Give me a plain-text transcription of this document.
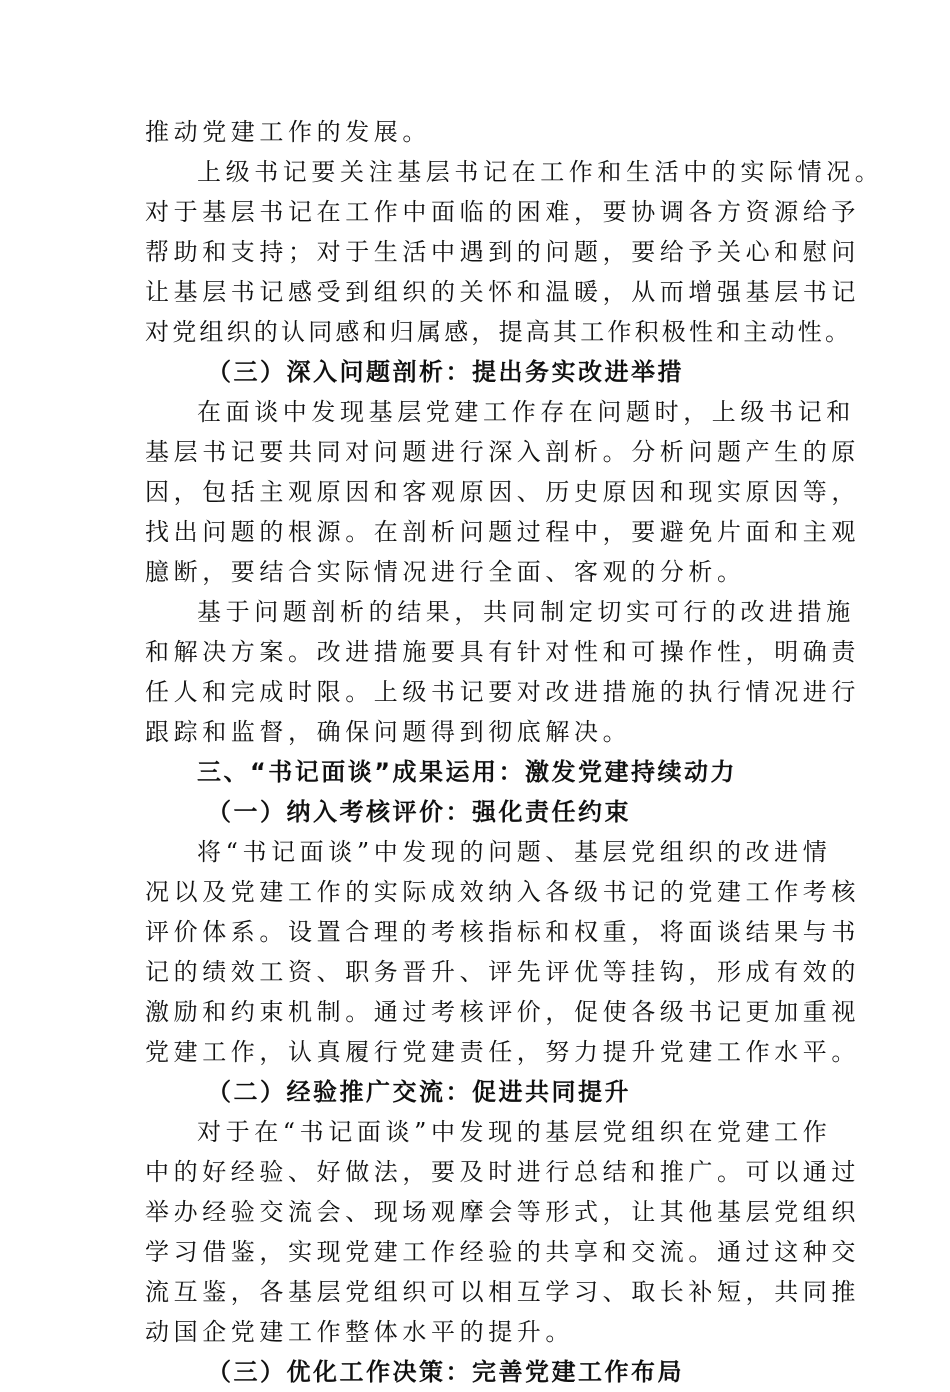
推动党建工作的发展。
上级书记要关注基层书记在工作和生活中的实际情况。
对于基层书记在工作中面临的困难，要协调各方资源给予
帮助和支持；对于生活中遇到的问题，要给予关心和慰问
让基层书记感受到组织的关怀和温暖，从而增强基层书记
对党组织的认同感和归属感，提高其工作积极性和主动性。
（三）深入问题剖析：提出务实改进举措
在面谈中发现基层党建工作存在问题时，上级书记和
基层书记要共同对问题进行深入剖析。分析问题产生的原
因，包括主观原因和客观原因、历史原因和现实原因等，
找出问题的根源。在剖析问题过程中，要避免片面和主观
臆断，要结合实际情况进行全面、客观的分析。
基于问题剖析的结果，共同制定切实可行的改进措施
和解决方案。改进措施要具有针对性和可操作性，明确责
任人和完成时限。上级书记要对改进措施的执行情况进行
跟踪和监督，确保问题得到彻底解决。
三、“书记面谈”成果运用：激发党建持续动力
（一）纳入考核评价：强化责任约束
将“书记面谈”中发现的问题、基层党组织的改进情
况以及党建工作的实际成效纳入各级书记的党建工作考核
评价体系。设置合理的考核指标和权重，将面谈结果与书
记的绩效工资、职务晋升、评先评优等挂钩，形成有效的
激励和约束机制。通过考核评价，促使各级书记更加重视
党建工作，认真履行党建责任，努力提升党建工作水平。
（二）经验推广交流：促进共同提升
对于在“书记面谈”中发现的基层党组织在党建工作
中的好经验、好做法，要及时进行总结和推广。可以通过
举办经验交流会、现场观摩会等形式，让其他基层党组织
学习借鉴，实现党建工作经验的共享和交流。通过这种交
流互鉴，各基层党组织可以相互学习、取长补短，共同推
动国企党建工作整体水平的提升。
（三）优化工作决策：完善党建工作布局
